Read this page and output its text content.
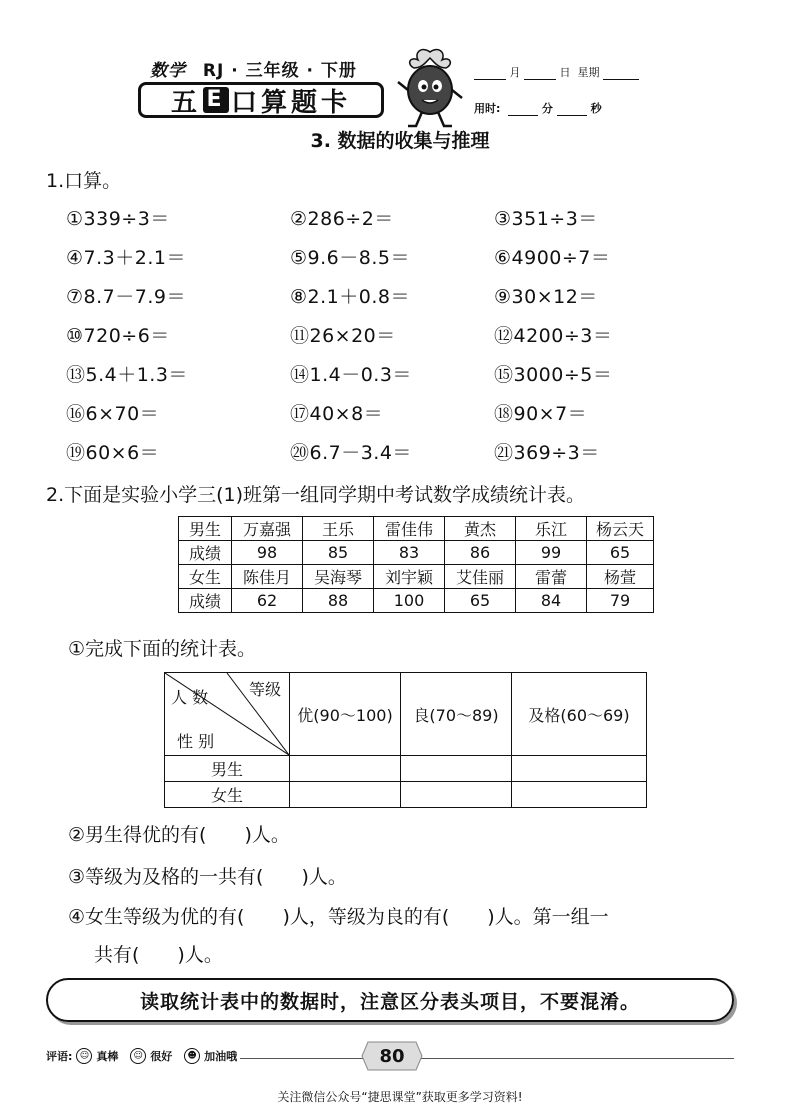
数学 RJ · 三年级 · 下册
五 E 口算题卡
月	日 星期
用时:	分	秒
3. 数据的收集与推理
1.口算。
①339÷3＝	②286÷2＝	③351÷3＝
④7.3＋2.1＝	⑤9.6－8.5＝	⑥4900÷7＝
⑦8.7－7.9＝	⑧2.1＋0.8＝	⑨30×12＝
⑩720÷6＝	⑪26×20＝	⑫4200÷3＝
⑬5.4＋1.3＝	⑭1.4－0.3＝	⑮3000÷5＝
⑯6×70＝	⑰40×8＝	⑱90×7＝
⑲60×6＝	⑳6.7－3.4＝	㉑369÷3＝
2.下面是实验小学三(1)班第一组同学期中考试数学成绩统计表。
男生	万嘉强	王乐	雷佳伟	黄杰	乐江	杨云天
成绩	98	85	83	86	99	65
女生	陈佳月	吴海琴	刘宇颖	艾佳丽	雷蕾	杨萱
成绩	62	88	100	65	84	79
①完成下面的统计表。
等级
人 数
性 别	优(90～100)	良(70～89)	及格(60～69)
男生			
女生			
②男生得优的有(　　)人。
③等级为及格的一共有(　　)人。
④女生等级为优的有(　　)人，等级为良的有(　　)人。第一组一
共有(　　)人。
读取统计表中的数据时，注意区分表头项目，不要混淆。
评语: ☺ 真棒
	☺ 很好
	☻ 加油哦	80
关注微信公众号“捷思课堂”获取更多学习资料!
